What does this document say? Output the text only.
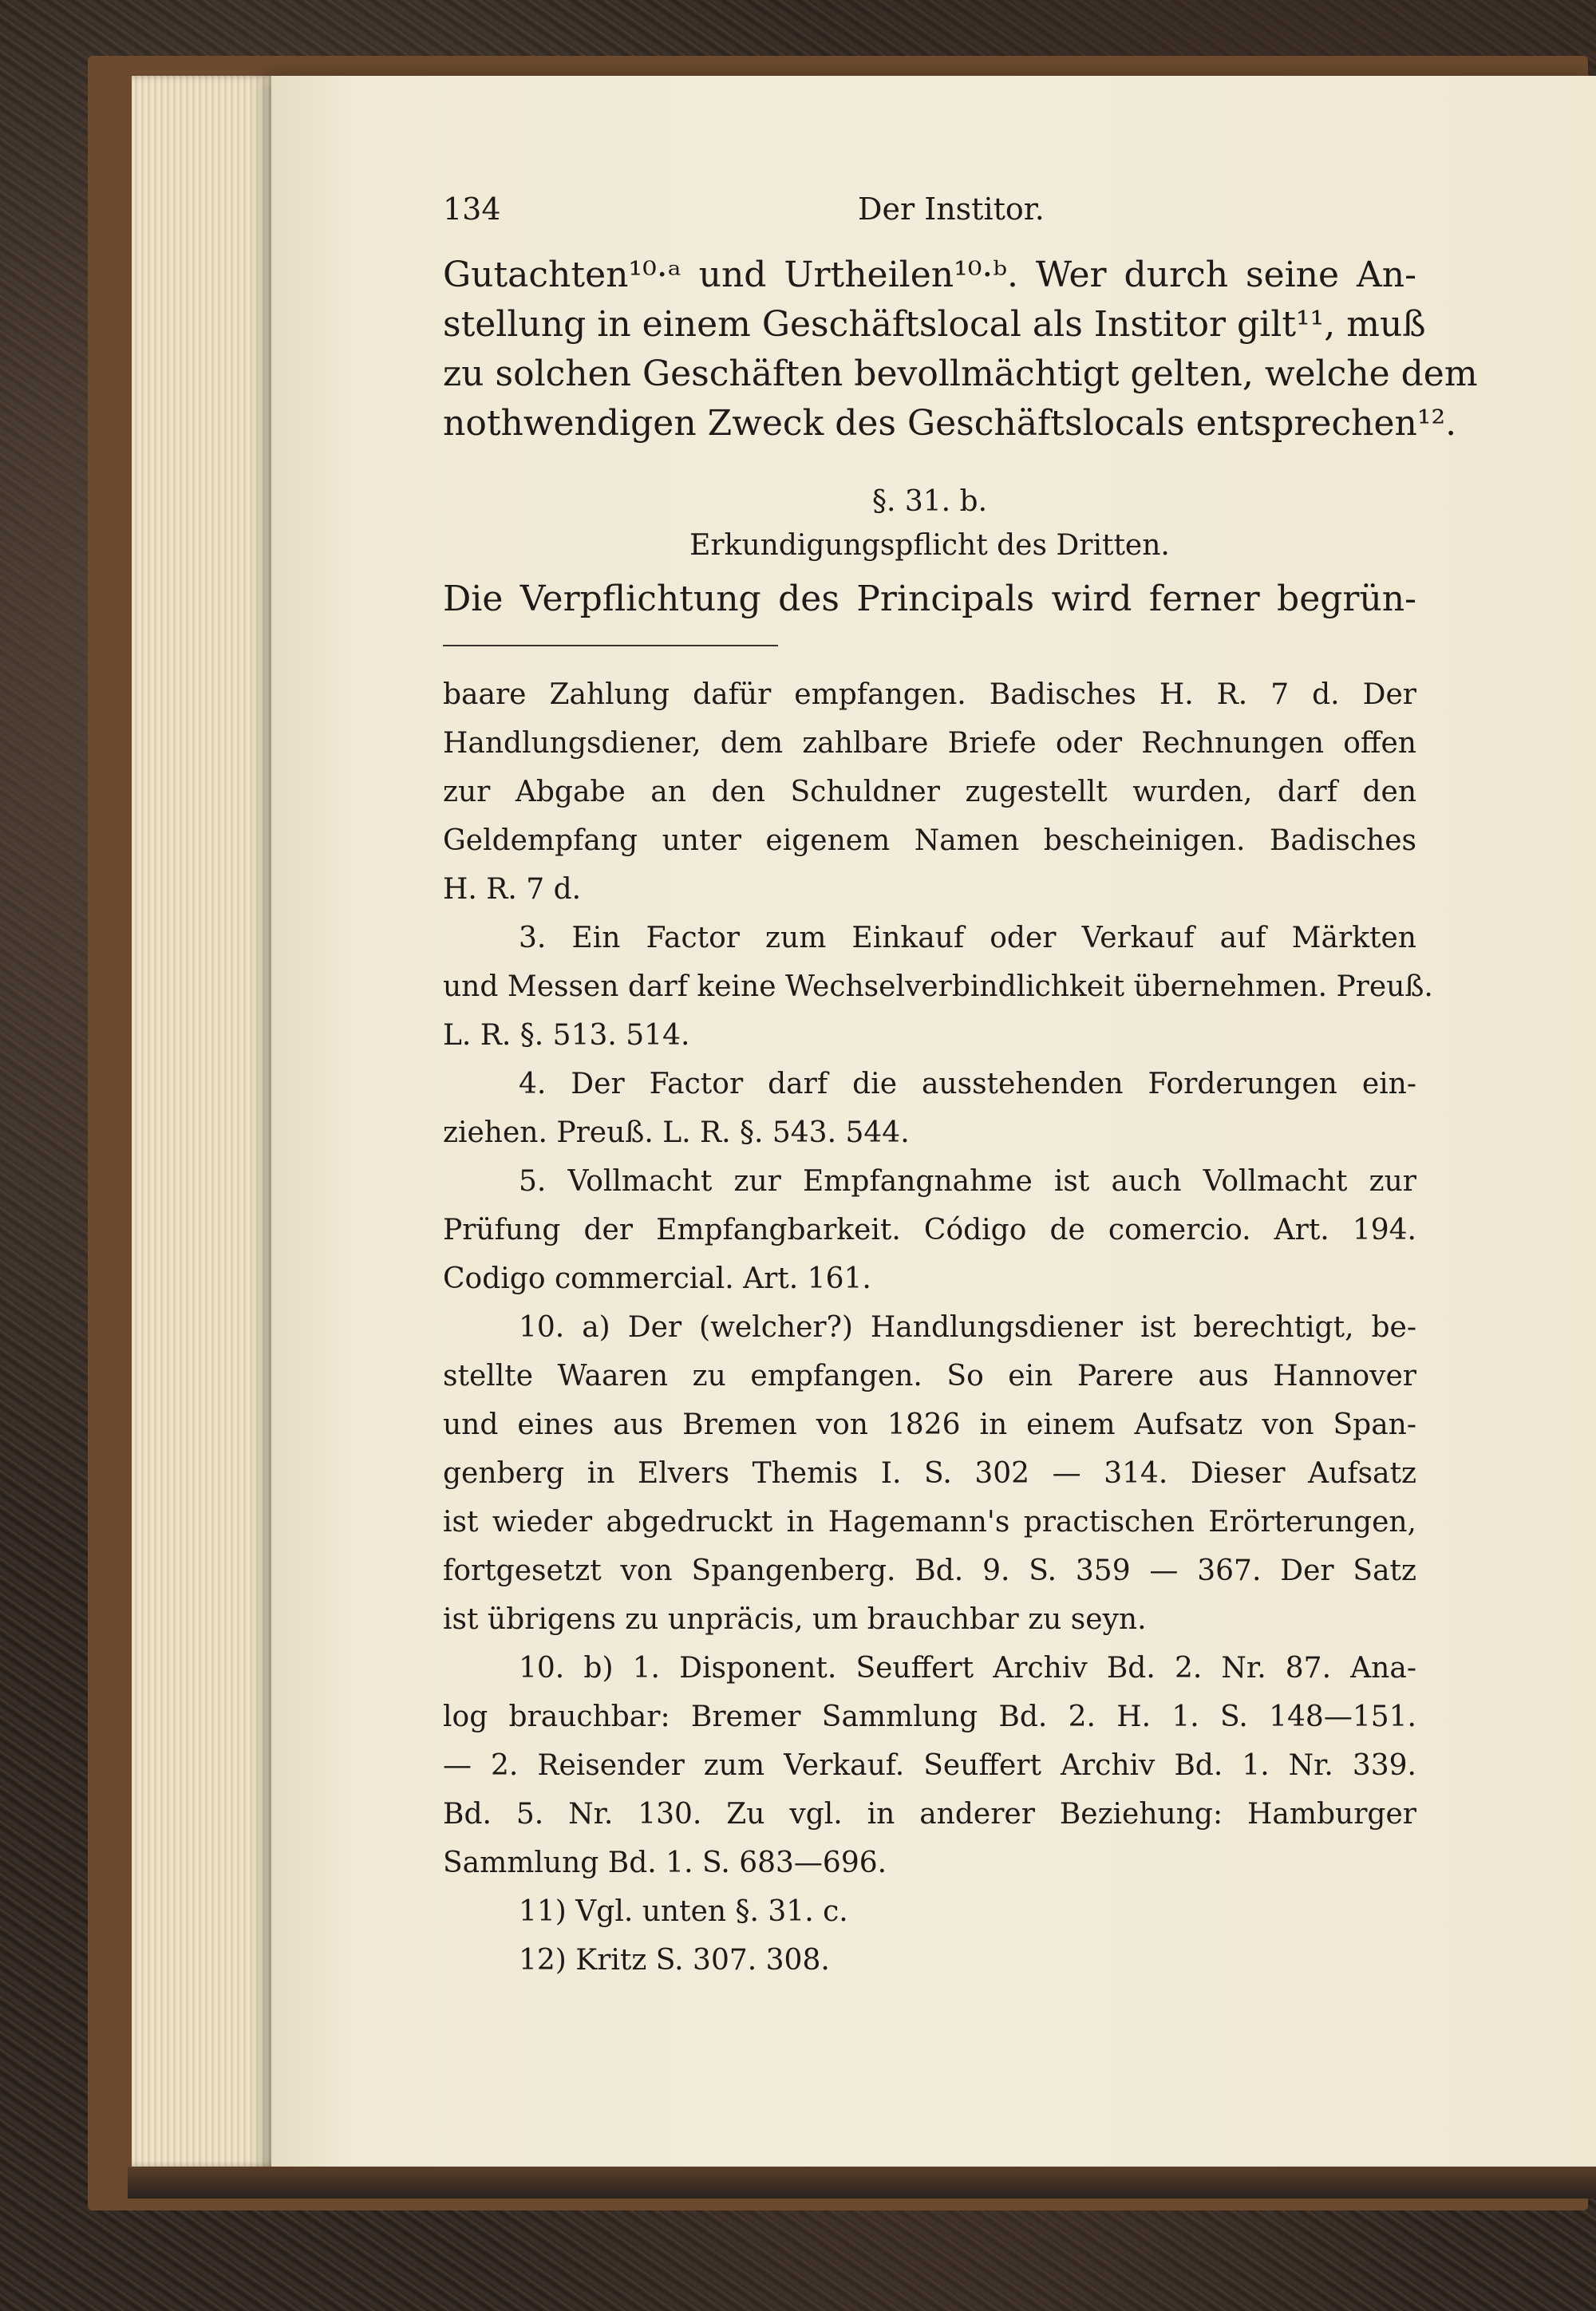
134	Der Institor.
Gutachten¹⁰·ᵃ und Urtheilen¹⁰·ᵇ. Wer durch seine An-
stellung in einem Geschäftslocal als Institor gilt¹¹, muß
zu solchen Geschäften bevollmächtigt gelten, welche dem
nothwendigen Zweck des Geschäftslocals entsprechen¹².
§. 31. b.
Erkundigungspflicht des Dritten.
Die Verpflichtung des Principals wird ferner begrün-
baare Zahlung dafür empfangen. Badisches H. R. 7 d. Der
Handlungsdiener, dem zahlbare Briefe oder Rechnungen offen
zur Abgabe an den Schuldner zugestellt wurden, darf den
Geldempfang unter eigenem Namen bescheinigen. Badisches
H. R. 7 d.
3. Ein Factor zum Einkauf oder Verkauf auf Märkten
und Messen darf keine Wechselverbindlichkeit übernehmen. Preuß.
L. R. §. 513. 514.
4. Der Factor darf die ausstehenden Forderungen ein-
ziehen. Preuß. L. R. §. 543. 544.
5. Vollmacht zur Empfangnahme ist auch Vollmacht zur
Prüfung der Empfangbarkeit. Código de comercio. Art. 194.
Codigo commercial. Art. 161.
10. a) Der (welcher?) Handlungsdiener ist berechtigt, be-
stellte Waaren zu empfangen. So ein Parere aus Hannover
und eines aus Bremen von 1826 in einem Aufsatz von Span-
genberg in Elvers Themis I. S. 302 — 314. Dieser Aufsatz
ist wieder abgedruckt in Hagemann's practischen Erörterungen,
fortgesetzt von Spangenberg. Bd. 9. S. 359 — 367. Der Satz
ist übrigens zu unpräcis, um brauchbar zu seyn.
10. b) 1. Disponent. Seuffert Archiv Bd. 2. Nr. 87. Ana-
log brauchbar: Bremer Sammlung Bd. 2. H. 1. S. 148—151.
— 2. Reisender zum Verkauf. Seuffert Archiv Bd. 1. Nr. 339.
Bd. 5. Nr. 130. Zu vgl. in anderer Beziehung: Hamburger
Sammlung Bd. 1. S. 683—696.
11) Vgl. unten §. 31. c.
12) Kritz S. 307. 308.
